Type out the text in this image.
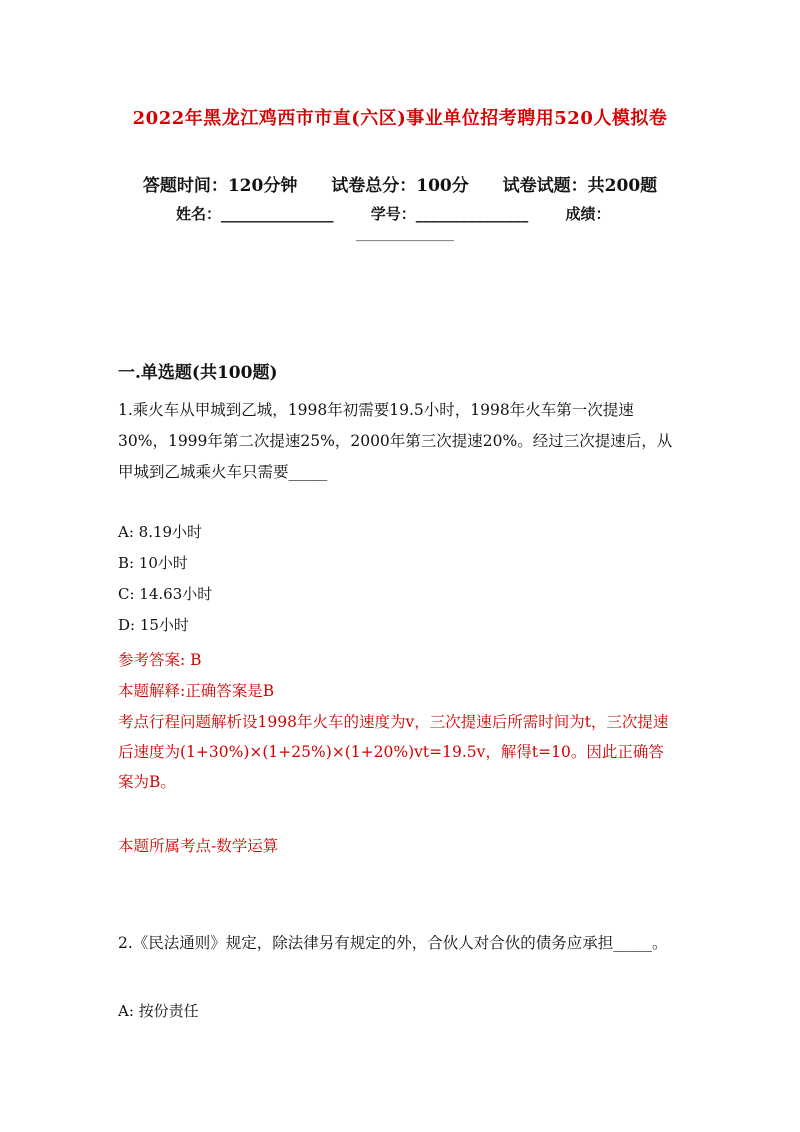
2022年黑龙江鸡西市市直(六区)事业单位招考聘用520人模拟卷
答题时间：120分钟 试卷总分：100分 试卷试题：共200题
姓名：_______________ 学号：_______________ 成绩：
______________
一.单选题(共100题)
1.乘火车从甲城到乙城，1998年初需要19.5小时，1998年火车第一次提速30%，1999年第二次提速25%，2000年第三次提速20%。经过三次提速后，从甲城到乙城乘火车只需要_____
A: 8.19小时
B: 10小时
C: 14.63小时
D: 15小时
参考答案: B
本题解释:正确答案是B
考点行程问题解析设1998年火车的速度为v，三次提速后所需时间为t，三次提速后速度为(1+30%)×(1+25%)×(1+20%)vt=19.5v，解得t=10。因此正确答案为B。
本题所属考点-数学运算
2.《民法通则》规定，除法律另有规定的外，合伙人对合伙的债务应承担_____。
A: 按份责任
